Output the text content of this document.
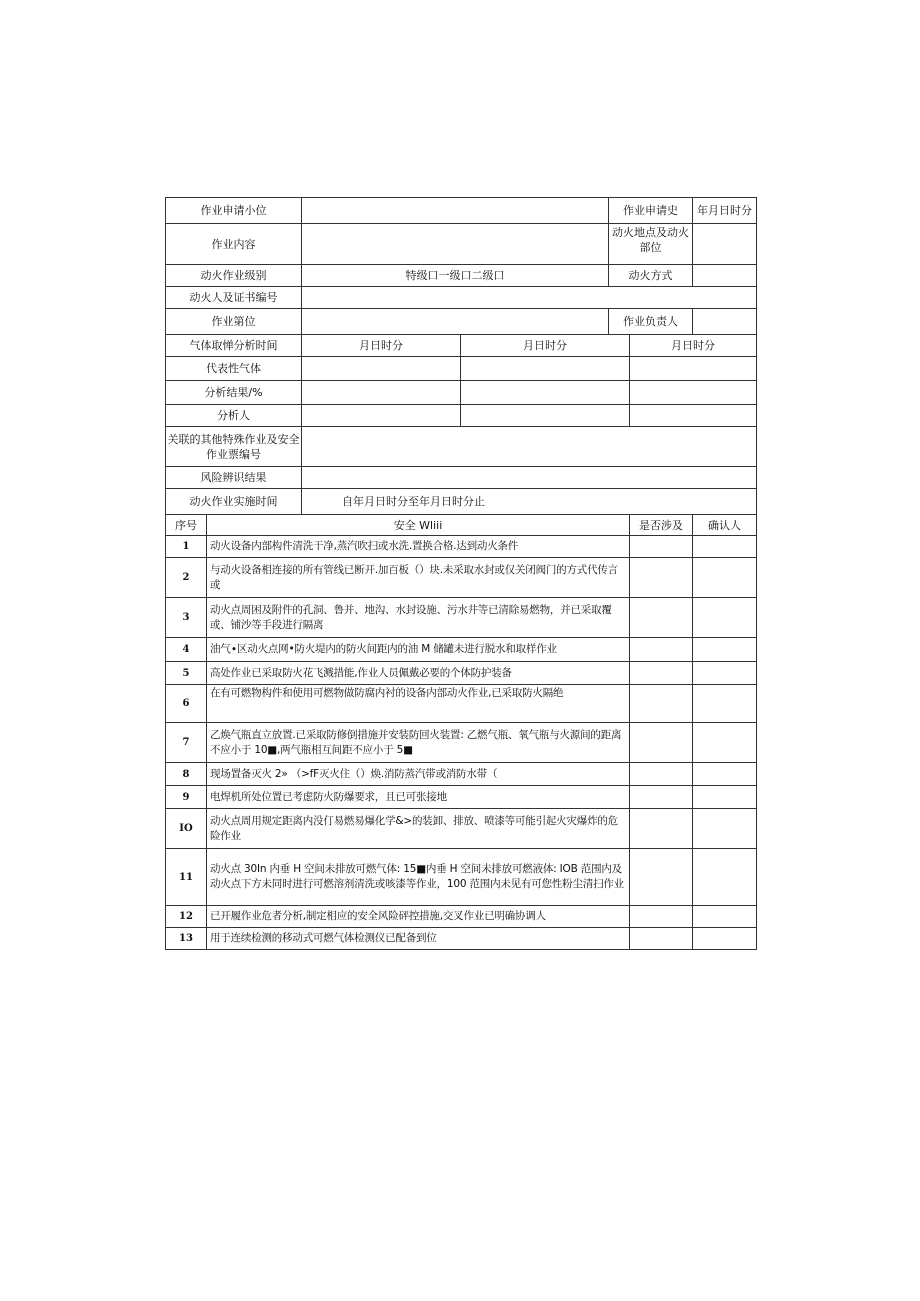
作业申请小位				作业申请史		年月日时分
作业内容				动火地点及动火部位		
动火作业级别		特级口一级口二级口		动火方式		
动火人及证书编号						
作业第位				作业负责人		
气体取惮分析时间		月日时分	月日时分		月日时分	
代表性气体						
分析结果/%						
分析人						
关联的其他特殊作业及安全作业票编号						
风险辨识结果						
动火作业实施时间		自年月日时分至年月日时分止				
序号	安全 Wliii				是否涉及	确认人
1	动火设备内部构件清洗干净,蒸汽吹扫或水洗.置换合格.达到动火条件					
2	与动火设备相连接的所有管线已断开.加百板（）块.未采取水封或仅关闭阀门的方式代传言或					
3	动火点周困及附件的孔洞、鲁并、地沟、水封设施、污水井等已清除易燃物，并已采取覆或、铺沙等手段进行隔离					
4	油气∙区动火点网•防火堤内的防火间距内的油 M 储罐未进行脱水和取样作业					
5	高处作业已采取防火花飞溅措能,作业人员佩戴必要的个体防护装备					
6	在有可燃物构件和使用可燃物做防腐内衬的设备内部动火作业,已采取防火隔绝					
7	乙焕气瓶直立放置.已采取防修倒措施并安装防回火装置: 乙燃气瓶、氧气瓶与火源间的距离不应小于 10■,两气瓶相互间距不应小于 5■					
8	现场置备灭火 2» （>fF灭火住（）焕.消防蒸汽带或消防水带（					
9	电焊机所处位置已考虑防火防爆要求，且已可张接地					
IO	动火点周用规定距离内没仃易燃易爆化学&>的装卸、排放、喷漆等可能引起火灾爆炸的危险作业					
11	动火点 30In 内垂 H 空间未排放可燃气体: 15■内垂 H 空间未排放可燃液体: IOB 范围内及动火点下方未同时进行可燃溶剂清洗或咳漆等作业，100 范围内未见有可您性粉尘清扫作业					
12	已开履作业危者分析,制定相应的安全风险砰控措施,交叉作业已明确协调人					
13	用于连续检测的移动式可燃气体检测仪已配备到位					
